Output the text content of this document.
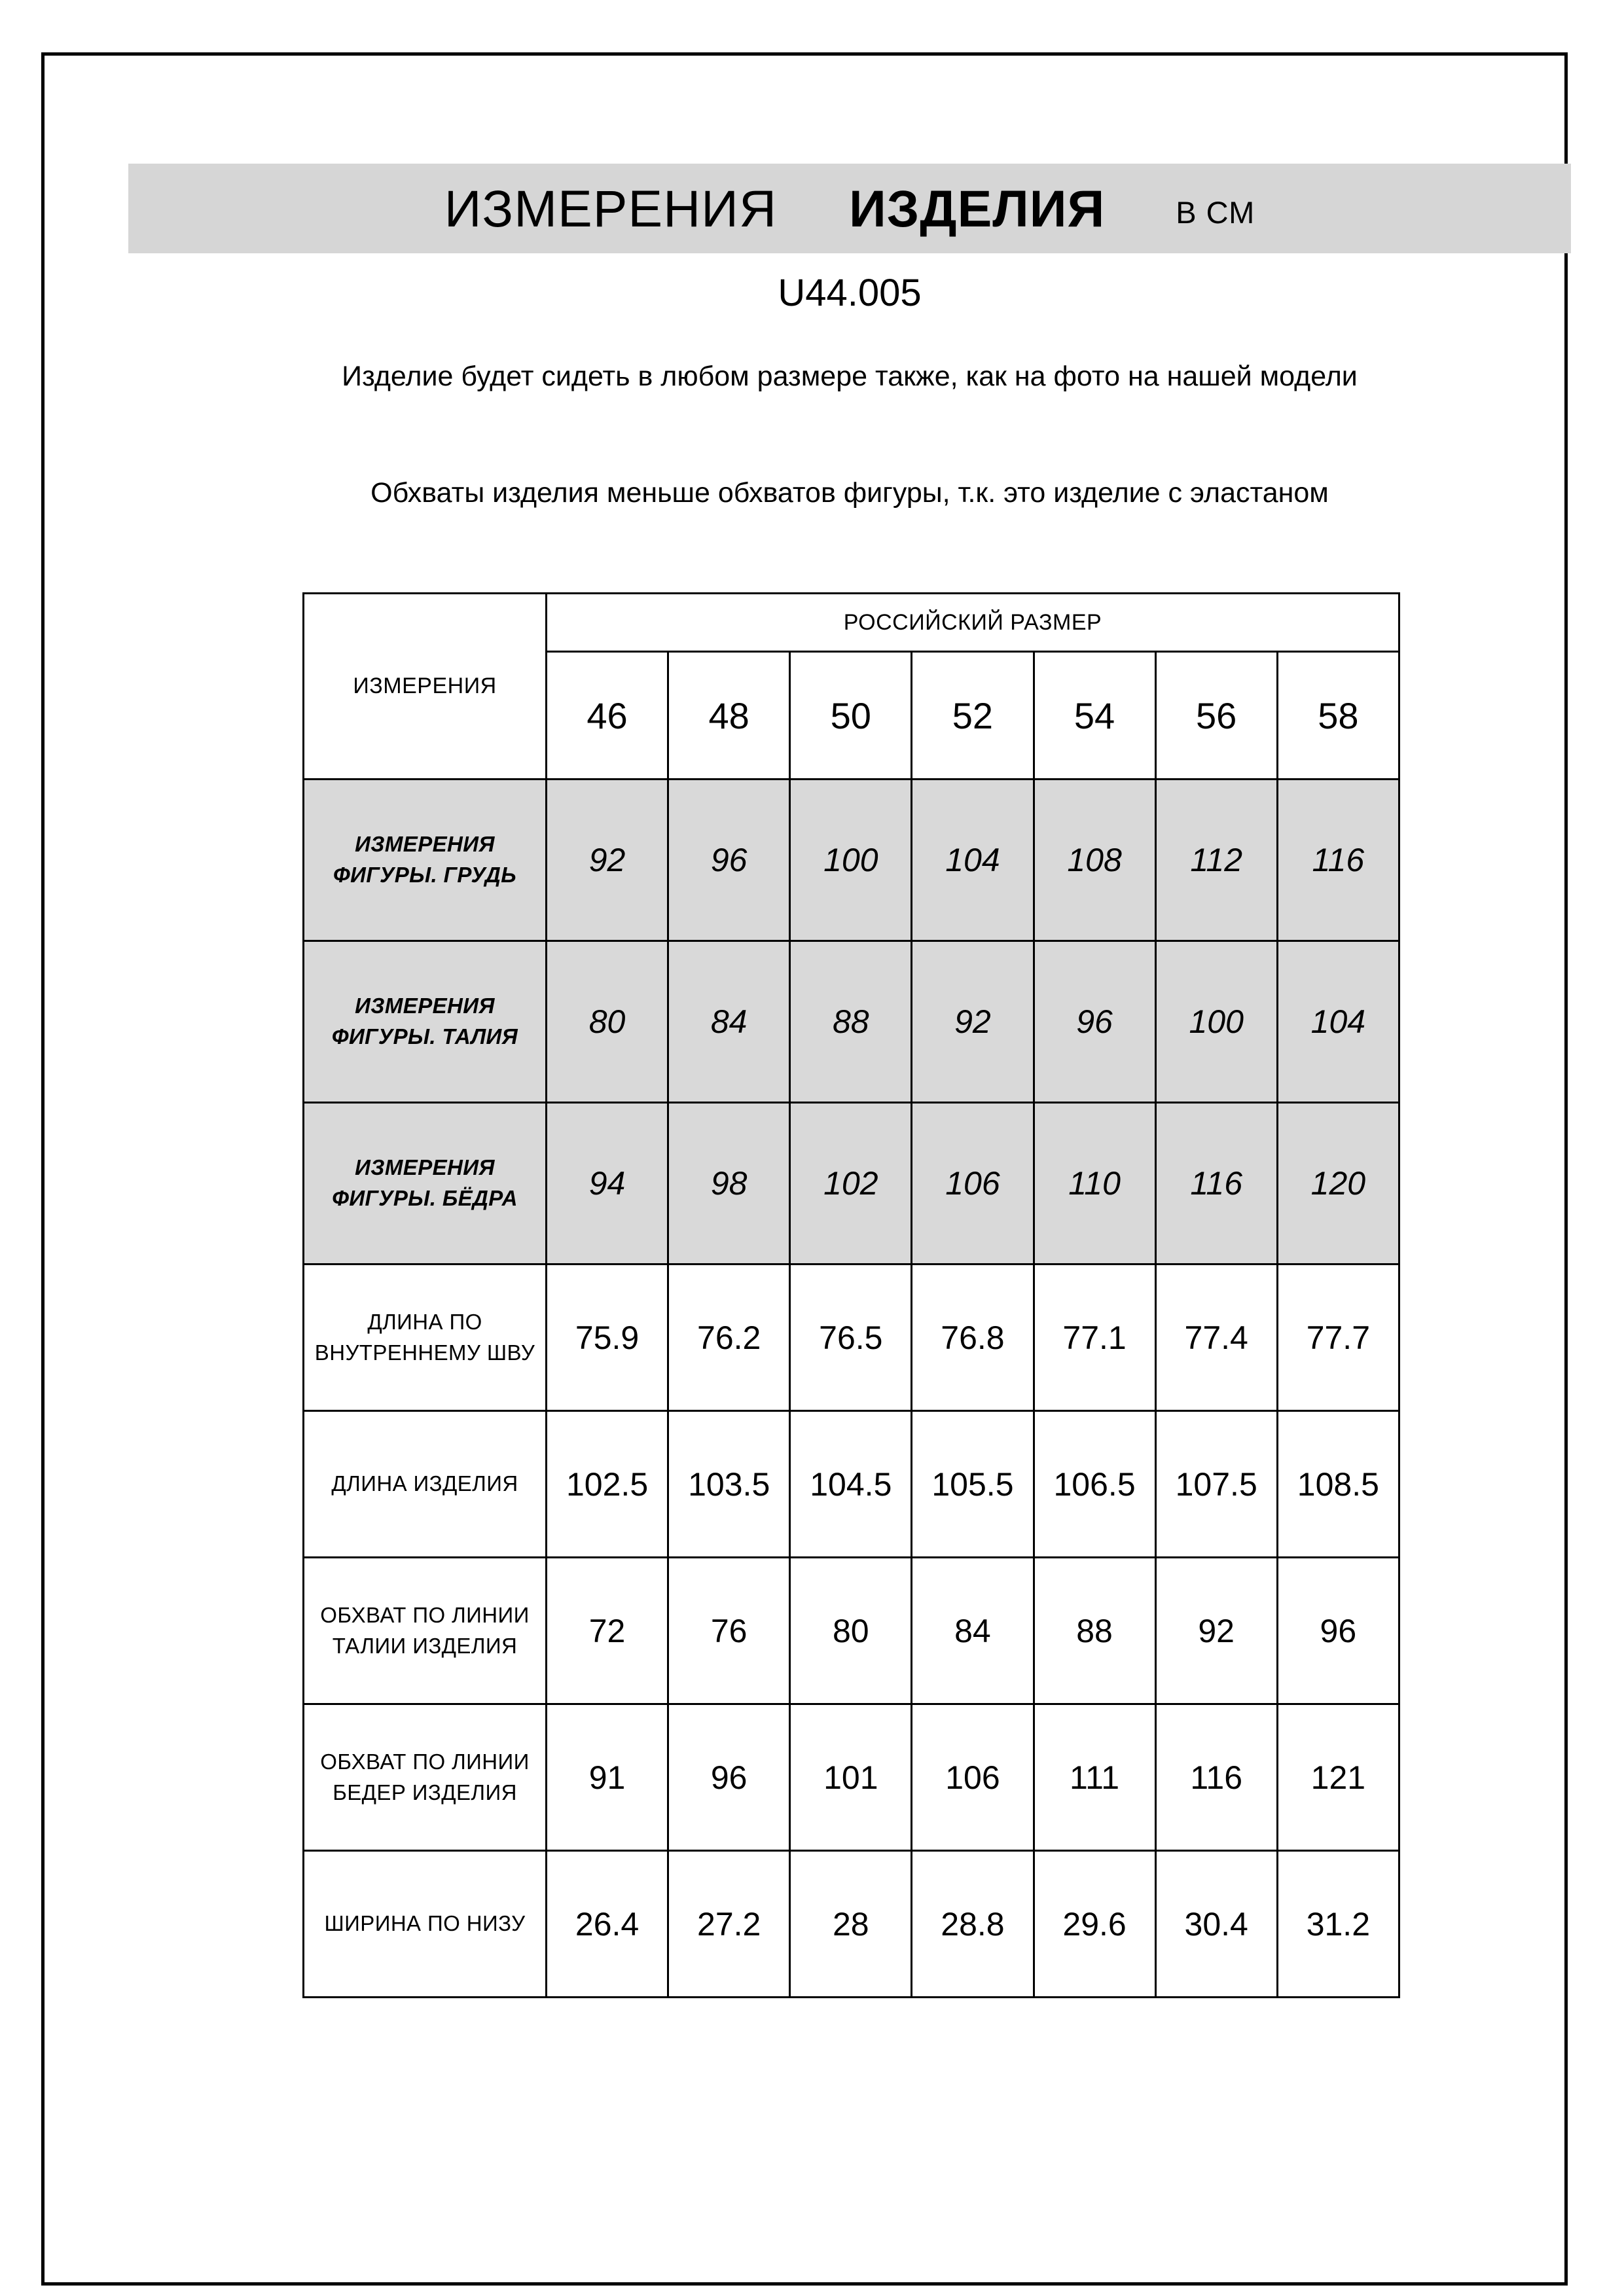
ИЗМЕРЕНИЯ ИЗДЕЛИЯ В СМ
U44.005
Изделие будет сидеть в любом размере также, как на фото на нашей модели
Обхваты изделия меньше обхватов фигуры, т.к. это изделие с эластаном
ИЗМЕРЕНИЯ	РОССИЙСКИЙ РАЗМЕР						
	46	48	50	52	54	56	58
ИЗМЕРЕНИЯ ФИГУРЫ. ГРУДЬ	92	96	100	104	108	112	116
ИЗМЕРЕНИЯ ФИГУРЫ. ТАЛИЯ	80	84	88	92	96	100	104
ИЗМЕРЕНИЯ ФИГУРЫ. БЁДРА	94	98	102	106	110	116	120
ДЛИНА ПО ВНУТРЕННЕМУ ШВУ	75.9	76.2	76.5	76.8	77.1	77.4	77.7
ДЛИНА ИЗДЕЛИЯ	102.5	103.5	104.5	105.5	106.5	107.5	108.5
ОБХВАТ ПО ЛИНИИ ТАЛИИ ИЗДЕЛИЯ	72	76	80	84	88	92	96
ОБХВАТ ПО ЛИНИИ БЕДЕР ИЗДЕЛИЯ	91	96	101	106	111	116	121
ШИРИНА ПО НИЗУ	26.4	27.2	28	28.8	29.6	30.4	31.2
